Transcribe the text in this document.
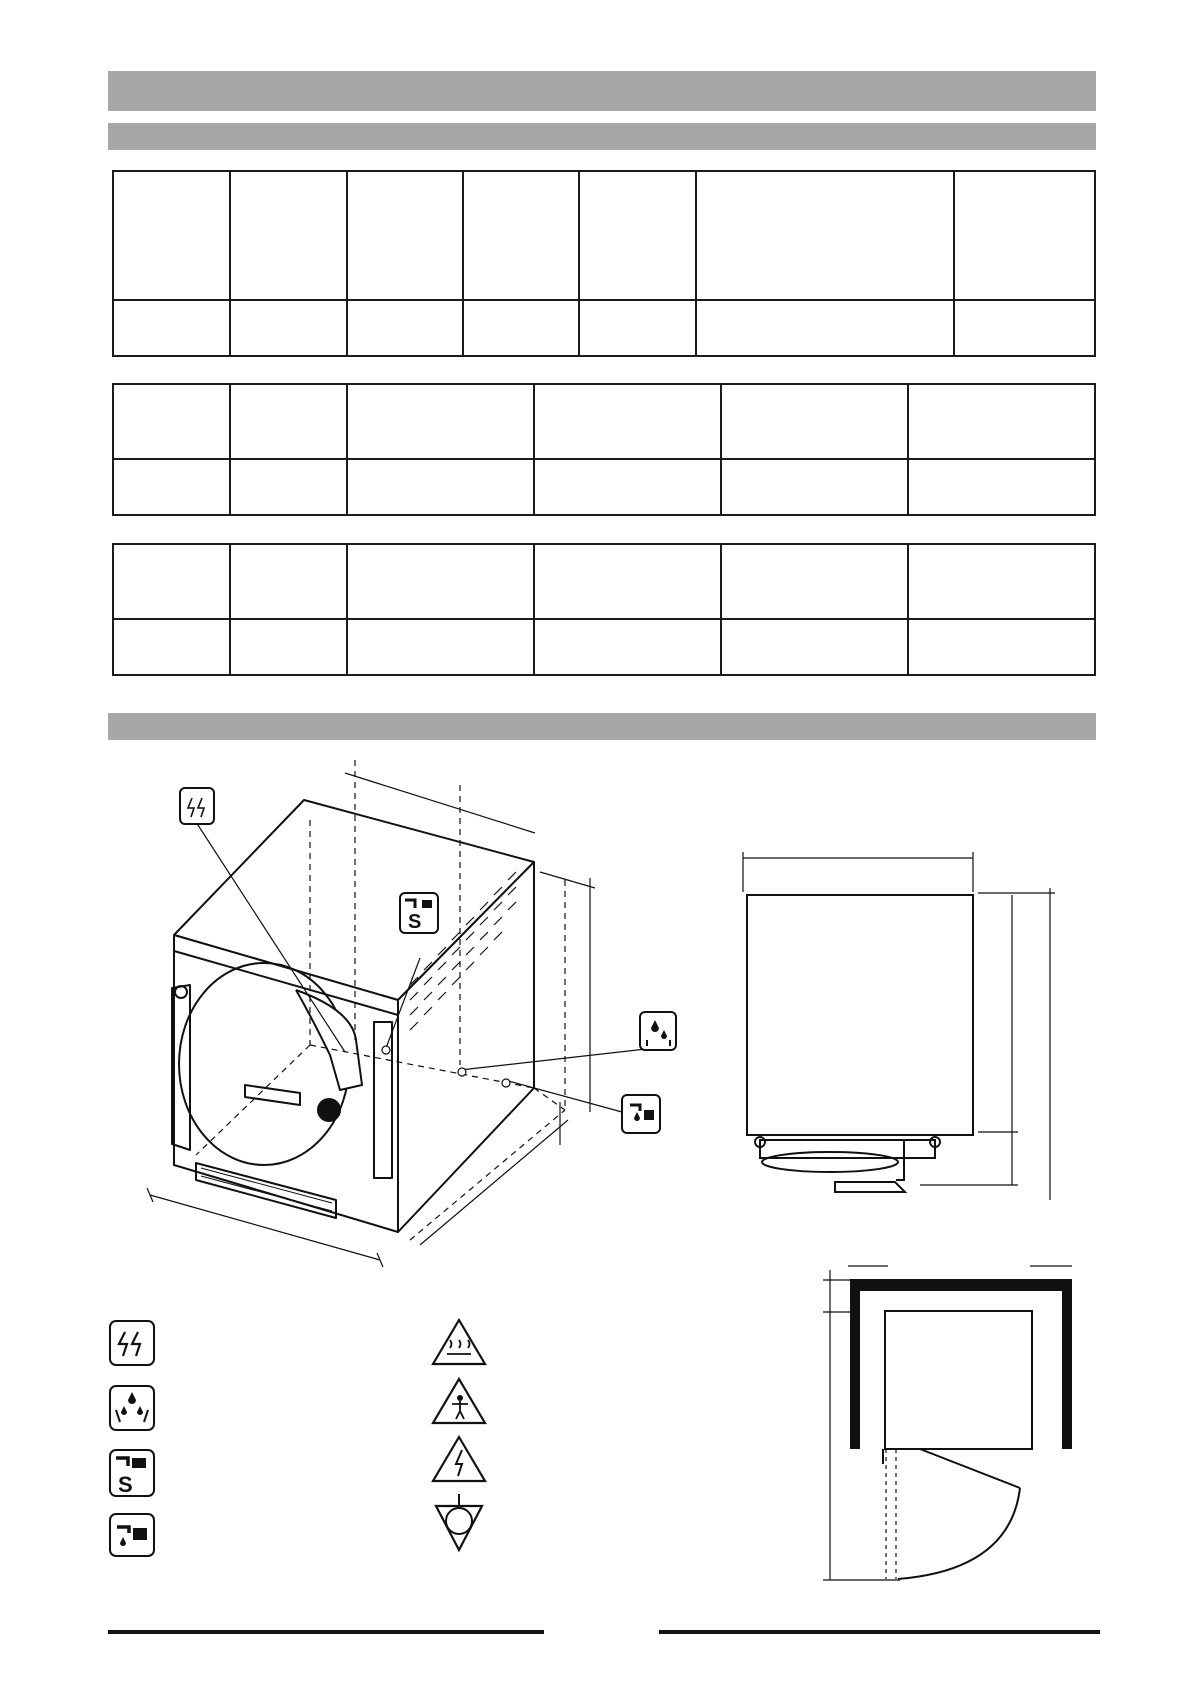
S
S
